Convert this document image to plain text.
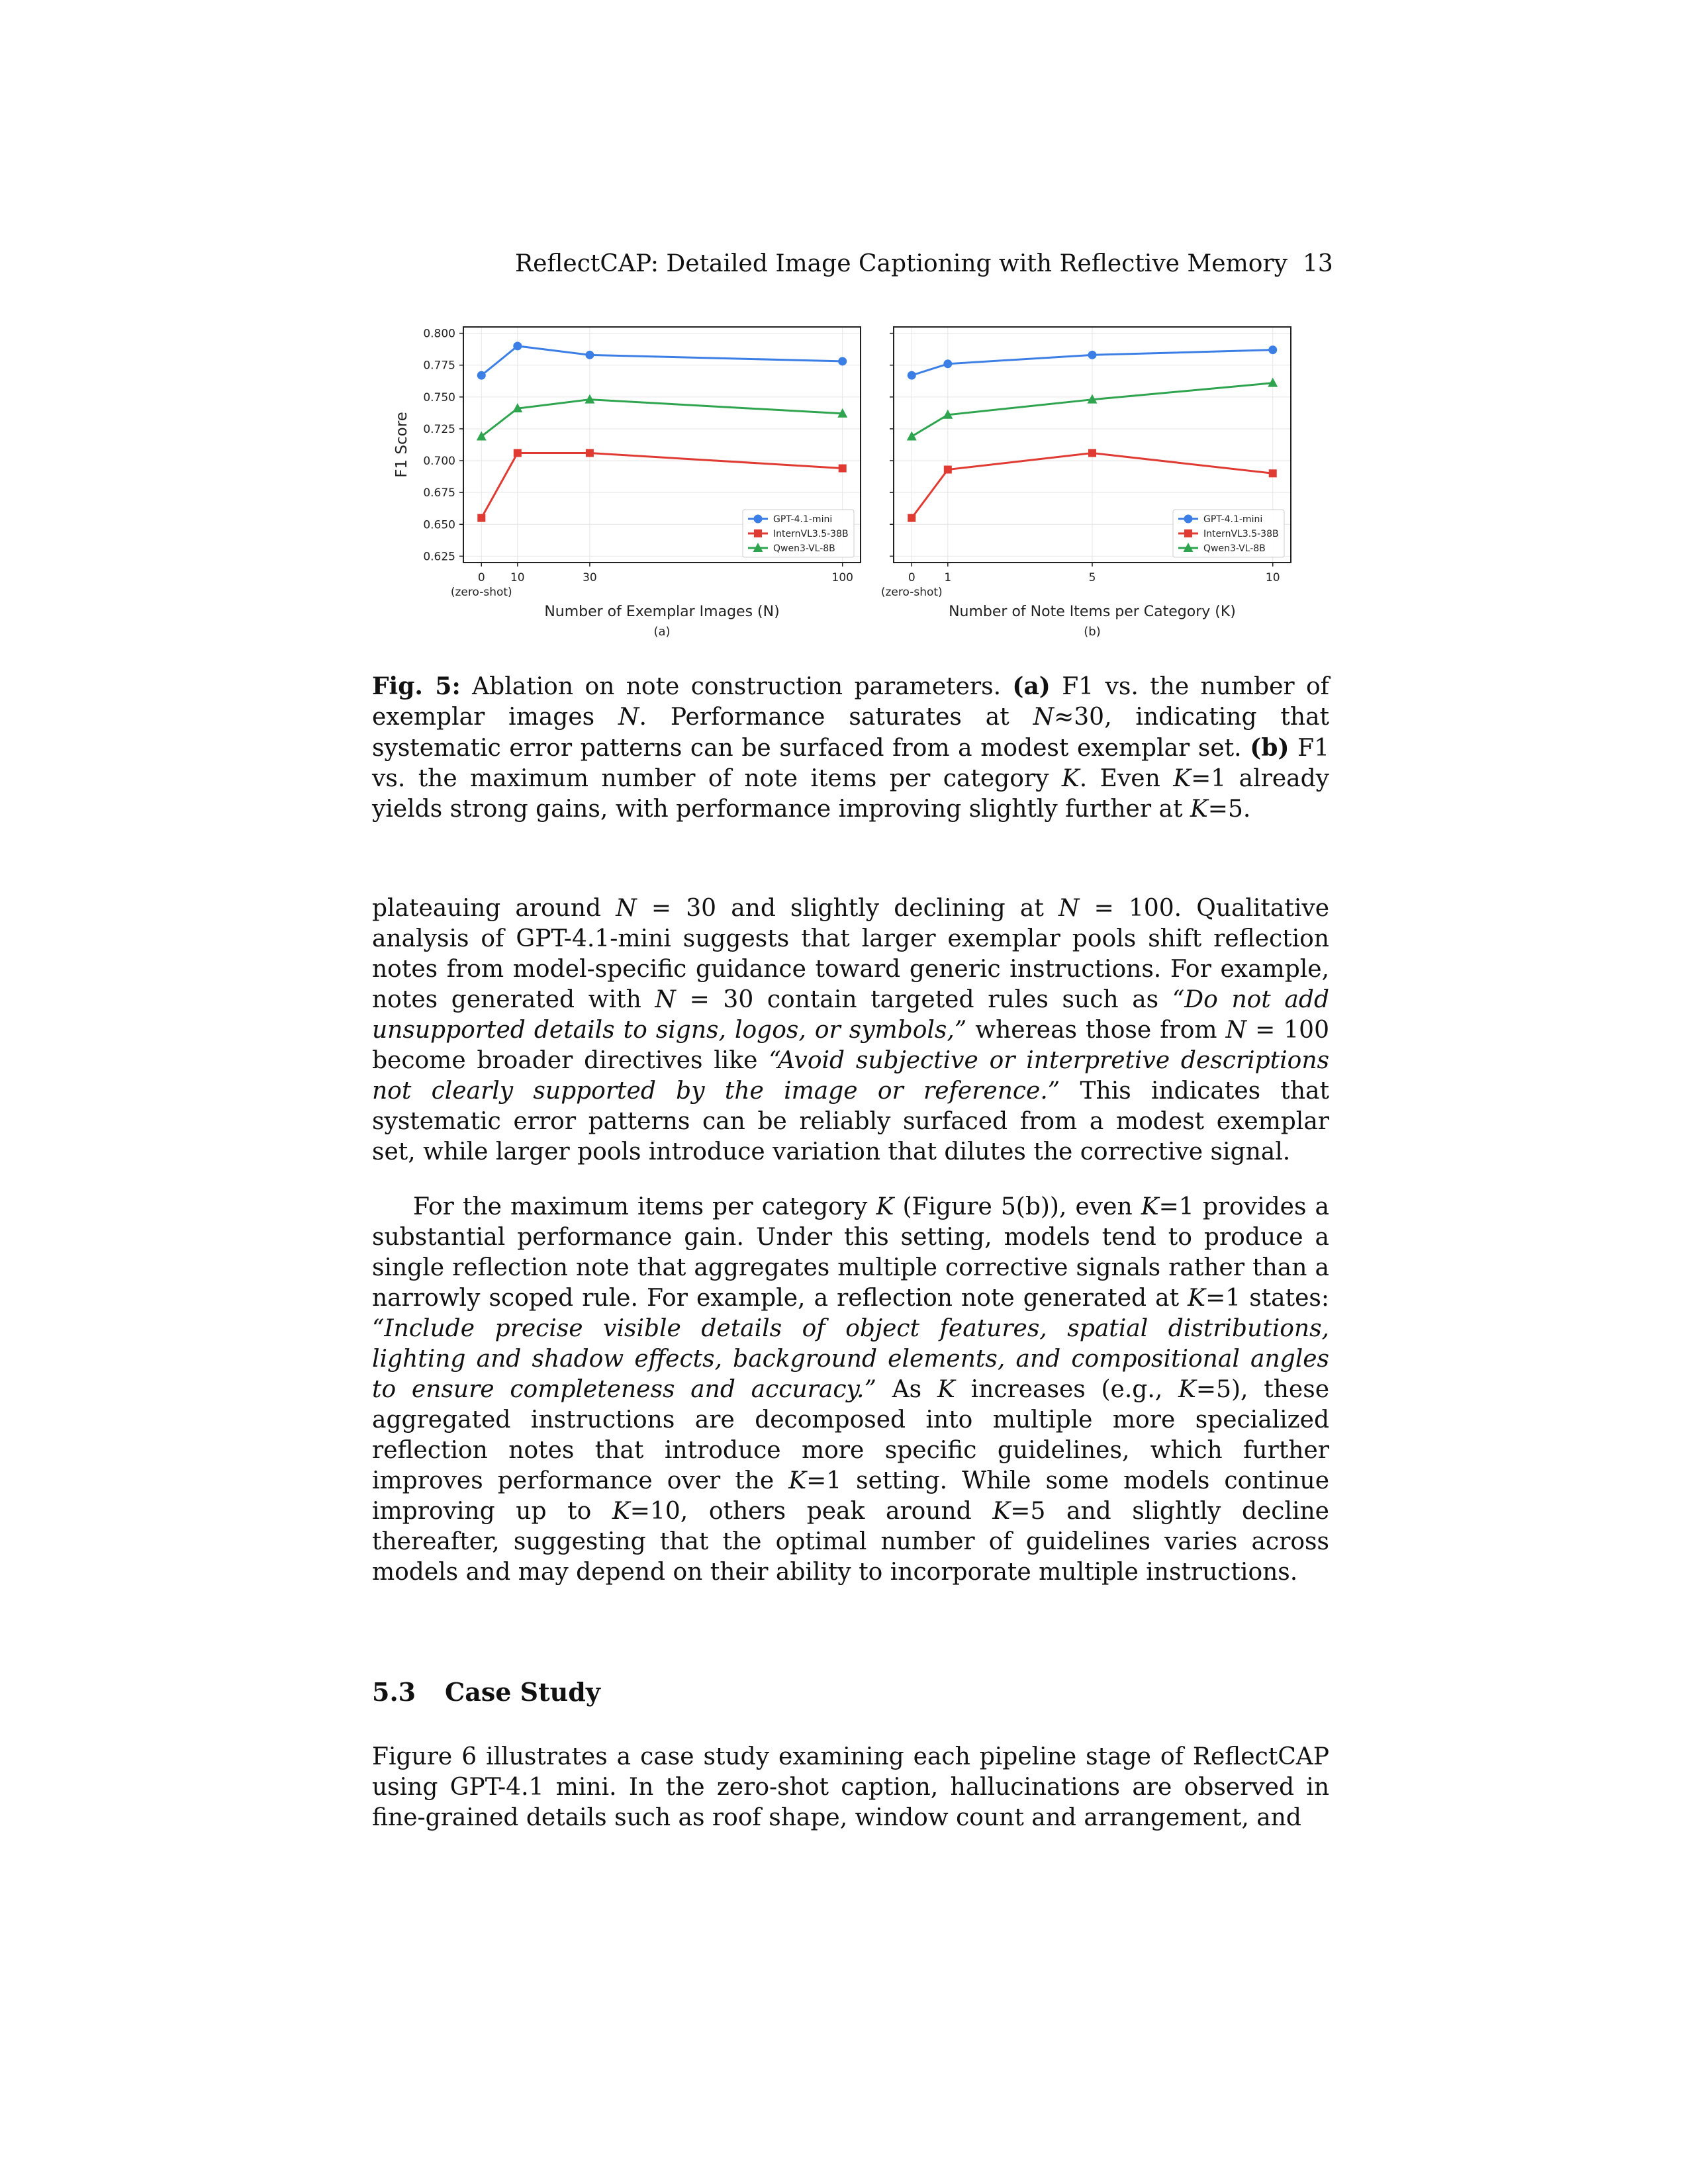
ReflectCAP: Detailed Image Captioning with Reflective Memory 13
0.625
0.650
0.675
0.700
0.725
0.750
0.775
0.800
0 10	30	100
(zero-shot)
Number of Exemplar Images (N)
F1 Score
(a)
GPT-4.1-mini
InternVL3.5-38B
Qwen3-VL-8B
0	1	5	10
(zero-shot)
Number of Note Items per Category (K)
(b)
GPT-4.1-mini
InternVL3.5-38B
Qwen3-VL-8B

Fig. 5: Ablation on note construction parameters. (a) F1 vs. the number of exemplar images N. Performance saturates at N≈30, indicating that systematic error patterns can be surfaced from a modest exemplar set. (b) F1 vs. the maximum number of note items per category K. Even K=1 already yields strong gains, with performance improving slightly further at K=5.

plateauing around N = 30 and slightly declining at N = 100. Qualitative analysis of GPT-4.1-mini suggests that larger exemplar pools shift reflection notes from model-specific guidance toward generic instructions. For example, notes generated with N = 30 contain targeted rules such as “Do not add unsupported details to signs, logos, or symbols,” whereas those from N = 100 become broader directives like “Avoid subjective or interpretive descriptions not clearly supported by the image or reference.” This indicates that systematic error patterns can be reliably surfaced from a modest exemplar set, while larger pools introduce variation that dilutes the corrective signal.

For the maximum items per category K (Figure 5(b)), even K=1 provides a substantial performance gain. Under this setting, models tend to produce a single reflection note that aggregates multiple corrective signals rather than a narrowly scoped rule. For example, a reflection note generated at K=1 states: “Include precise visible details of object features, spatial distributions, lighting and shadow effects, background elements, and compositional angles to ensure completeness and accuracy.” As K increases (e.g., K=5), these aggregated instructions are decomposed into multiple more specialized reflection notes that introduce more specific guidelines, which further improves performance over the K=1 setting. While some models continue improving up to K=10, others peak around K=5 and slightly decline thereafter, suggesting that the optimal number of guidelines varies across models and may depend on their ability to incorporate multiple instructions.

5.3 Case Study

Figure 6 illustrates a case study examining each pipeline stage of ReflectCAP using GPT-4.1 mini. In the zero-shot caption, hallucinations are observed in fine-grained details such as roof shape, window count and arrangement, and
